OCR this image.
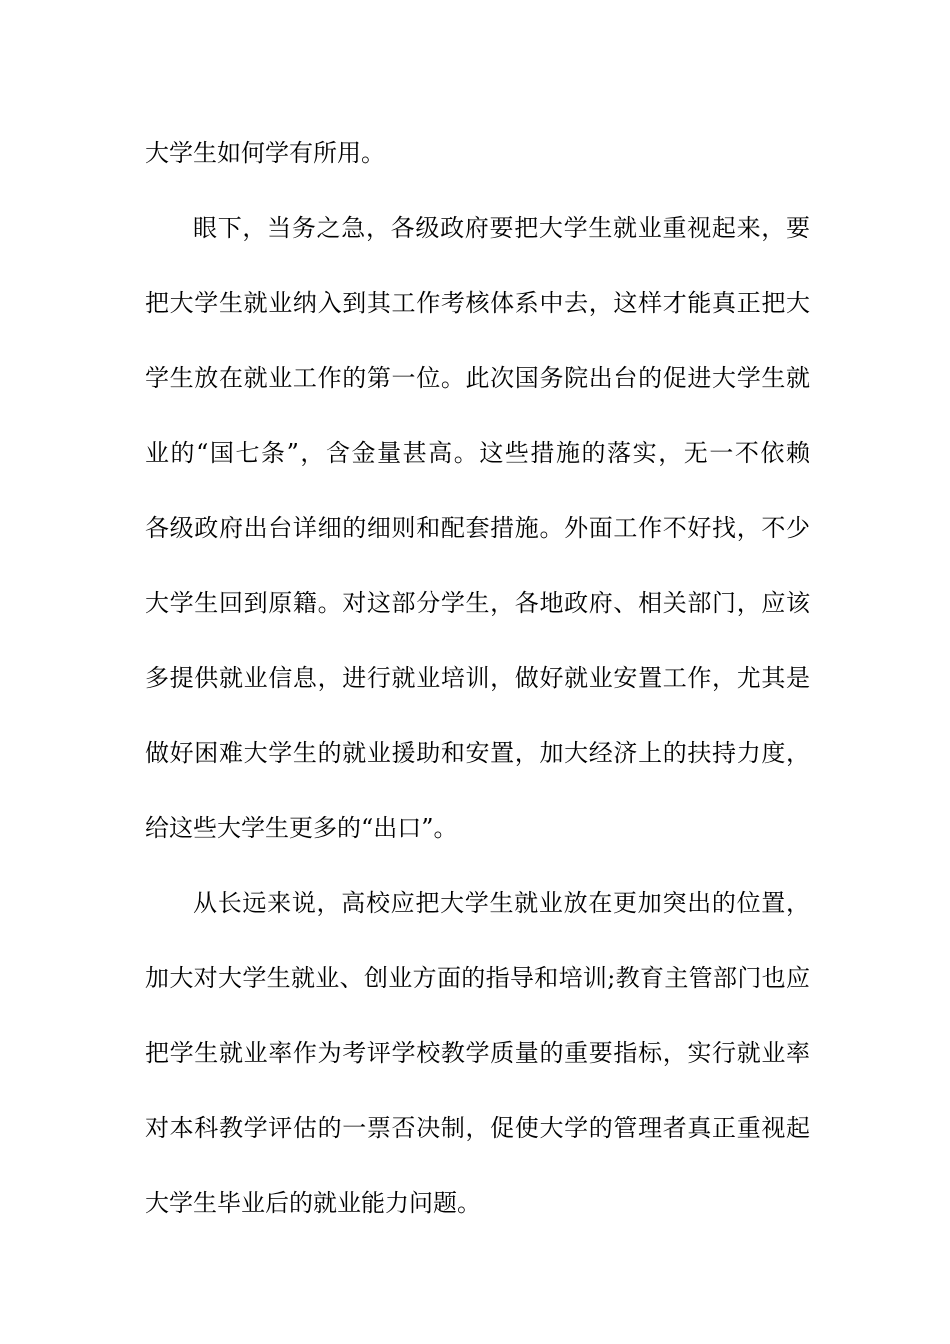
大学生如何学有所用。
眼下，当务之急，各级政府要把大学生就业重视起来，要
把大学生就业纳入到其工作考核体系中去，这样才能真正把大
学生放在就业工作的第一位。此次国务院出台的促进大学生就
业的“国七条”，含金量甚高。这些措施的落实，无一不依赖
各级政府出台详细的细则和配套措施。外面工作不好找，不少
大学生回到原籍。对这部分学生，各地政府、相关部门，应该
多提供就业信息，进行就业培训，做好就业安置工作，尤其是
做好困难大学生的就业援助和安置，加大经济上的扶持力度，
给这些大学生更多的“出口”。
从长远来说，高校应把大学生就业放在更加突出的位置，
加大对大学生就业、创业方面的指导和培训;教育主管部门也应
把学生就业率作为考评学校教学质量的重要指标，实行就业率
对本科教学评估的一票否决制，促使大学的管理者真正重视起
大学生毕业后的就业能力问题。
